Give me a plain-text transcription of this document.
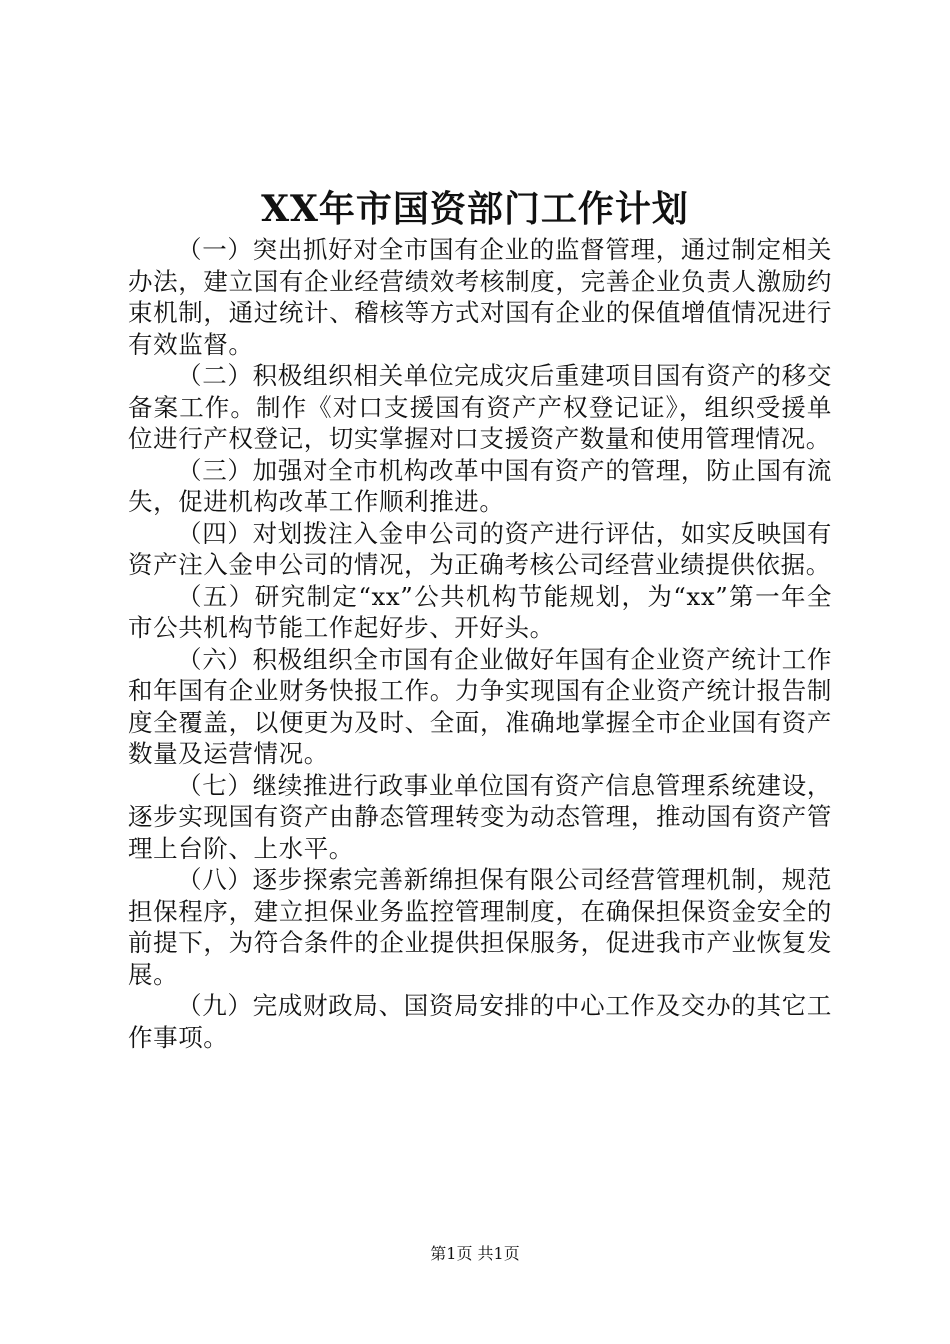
XX年市国资部门工作计划

（一）突出抓好对全市国有企业的监督管理，通过制定相关办法，建立国有企业经营绩效考核制度，完善企业负责人激励约束机制，通过统计、稽核等方式对国有企业的保值增值情况进行有效监督。

（二）积极组织相关单位完成灾后重建项目国有资产的移交备案工作。制作《对口支援国有资产产权登记证》，组织受援单位进行产权登记，切实掌握对口支援资产数量和使用管理情况。

（三）加强对全市机构改革中国有资产的管理，防止国有流失，促进机构改革工作顺利推进。

（四）对划拨注入金申公司的资产进行评估，如实反映国有资产注入金申公司的情况，为正确考核公司经营业绩提供依据。

（五）研究制定“xx”公共机构节能规划，为“xx”第一年全市公共机构节能工作起好步、开好头。

（六）积极组织全市国有企业做好年国有企业资产统计工作和年国有企业财务快报工作。力争实现国有企业资产统计报告制度全覆盖，以便更为及时、全面，准确地掌握全市企业国有资产数量及运营情况。

（七）继续推进行政事业单位国有资产信息管理系统建设，逐步实现国有资产由静态管理转变为动态管理，推动国有资产管理上台阶、上水平。

（八）逐步探索完善新绵担保有限公司经营管理机制，规范担保程序，建立担保业务监控管理制度，在确保担保资金安全的前提下，为符合条件的企业提供担保服务，促进我市产业恢复发展。

（九）完成财政局、国资局安排的中心工作及交办的其它工作事项。

第1页 共1页
